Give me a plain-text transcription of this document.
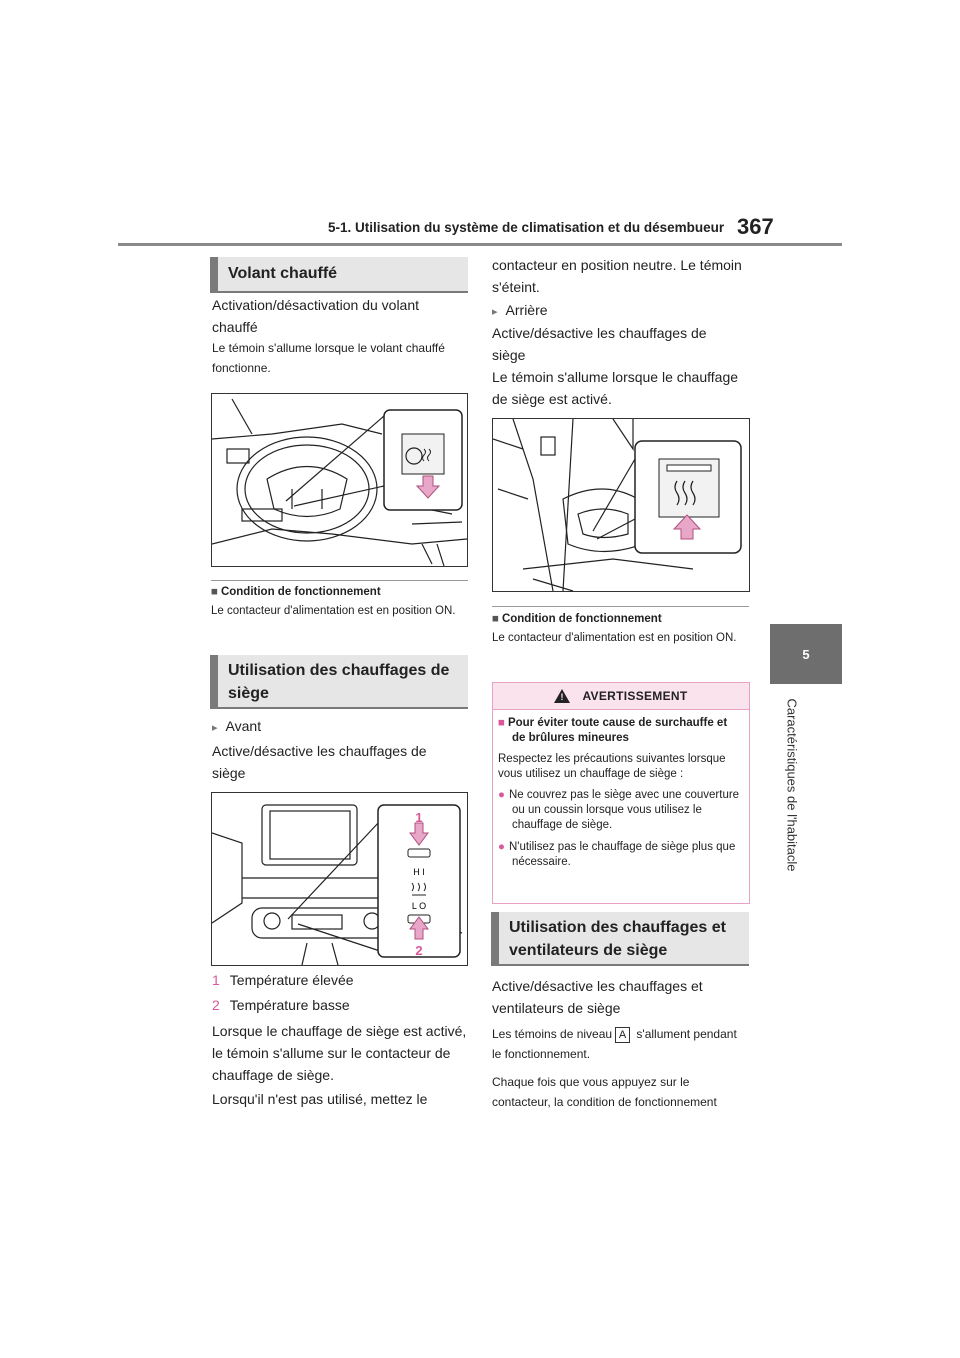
5-1. Utilisation du système de climatisation et du désembueur 367
5
Caractéristiques de l'habitacle
Volant chauffé
Activation/désactivation du volant chauffé
Le témoin s'allume lorsque le volant chauffé fonctionne.
■ Condition de fonctionnement
Le contacteur d'alimentation est en position ON.
Utilisation des chauffages de siège
▸ Avant
Active/désactive les chauffages de siège
H I
L O
1
2
1 Température élevée
2 Température basse
Lorsque le chauffage de siège est activé, le témoin s'allume sur le contacteur de chauffage de siège.
Lorsqu'il n'est pas utilisé, mettez le
contacteur en position neutre. Le témoin s'éteint.
▸ Arrière
Active/désactive les chauffages de siège
Le témoin s'allume lorsque le chauffage de siège est activé.
■ Condition de fonctionnement
Le contacteur d'alimentation est en position ON.
! AVERTISSEMENT
■ Pour éviter toute cause de surchauffe et de brûlures mineures
Respectez les précautions suivantes lorsque vous utilisez un chauffage de siège :
● Ne couvrez pas le siège avec une couverture ou un coussin lorsque vous utilisez le chauffage de siège.
● N'utilisez pas le chauffage de siège plus que nécessaire.
Utilisation des chauffages et ventilateurs de siège
Active/désactive les chauffages et ventilateurs de siège
Les témoins de niveau A s'allument pendant le fonctionnement.
Chaque fois que vous appuyez sur le contacteur, la condition de fonctionnement
